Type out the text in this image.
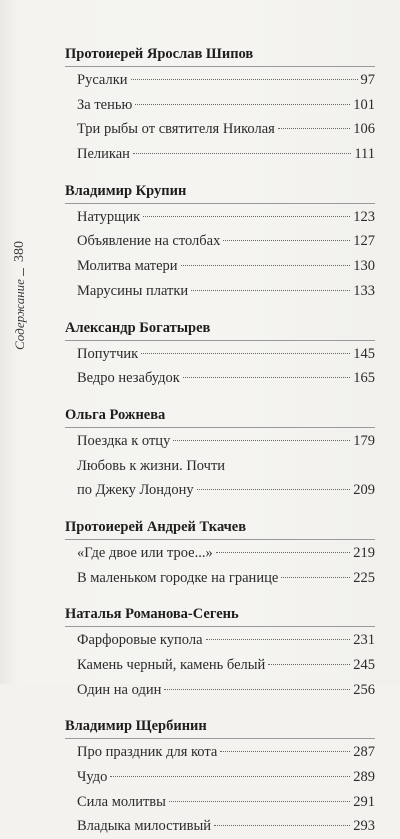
380
Содержание
Протоиерей Ярослав Шипов
Русалки	97
За тенью	101
Три рыбы от святителя Николая	106
Пеликан	111
Владимир Крупин
Натурщик	123
Объявление на столбах	127
Молитва матери	130
Марусины платки	133
Александр Богатырев
Попутчик	145
Ведро незабудок	165
Ольга Рожнева
Поездка к отцу	179
Любовь к жизни. Почти
по Джеку Лондону	209
Протоиерей Андрей Ткачев
«Где двое или трое...»	219
В маленьком городке на границе	225
Наталья Романова-Сегень
Фарфоровые купола	231
Камень черный, камень белый	245
Один на один	256
Владимир Щербинин
Про праздник для кота	287
Чудо	289
Сила молитвы	291
Владыка милостивый	293
